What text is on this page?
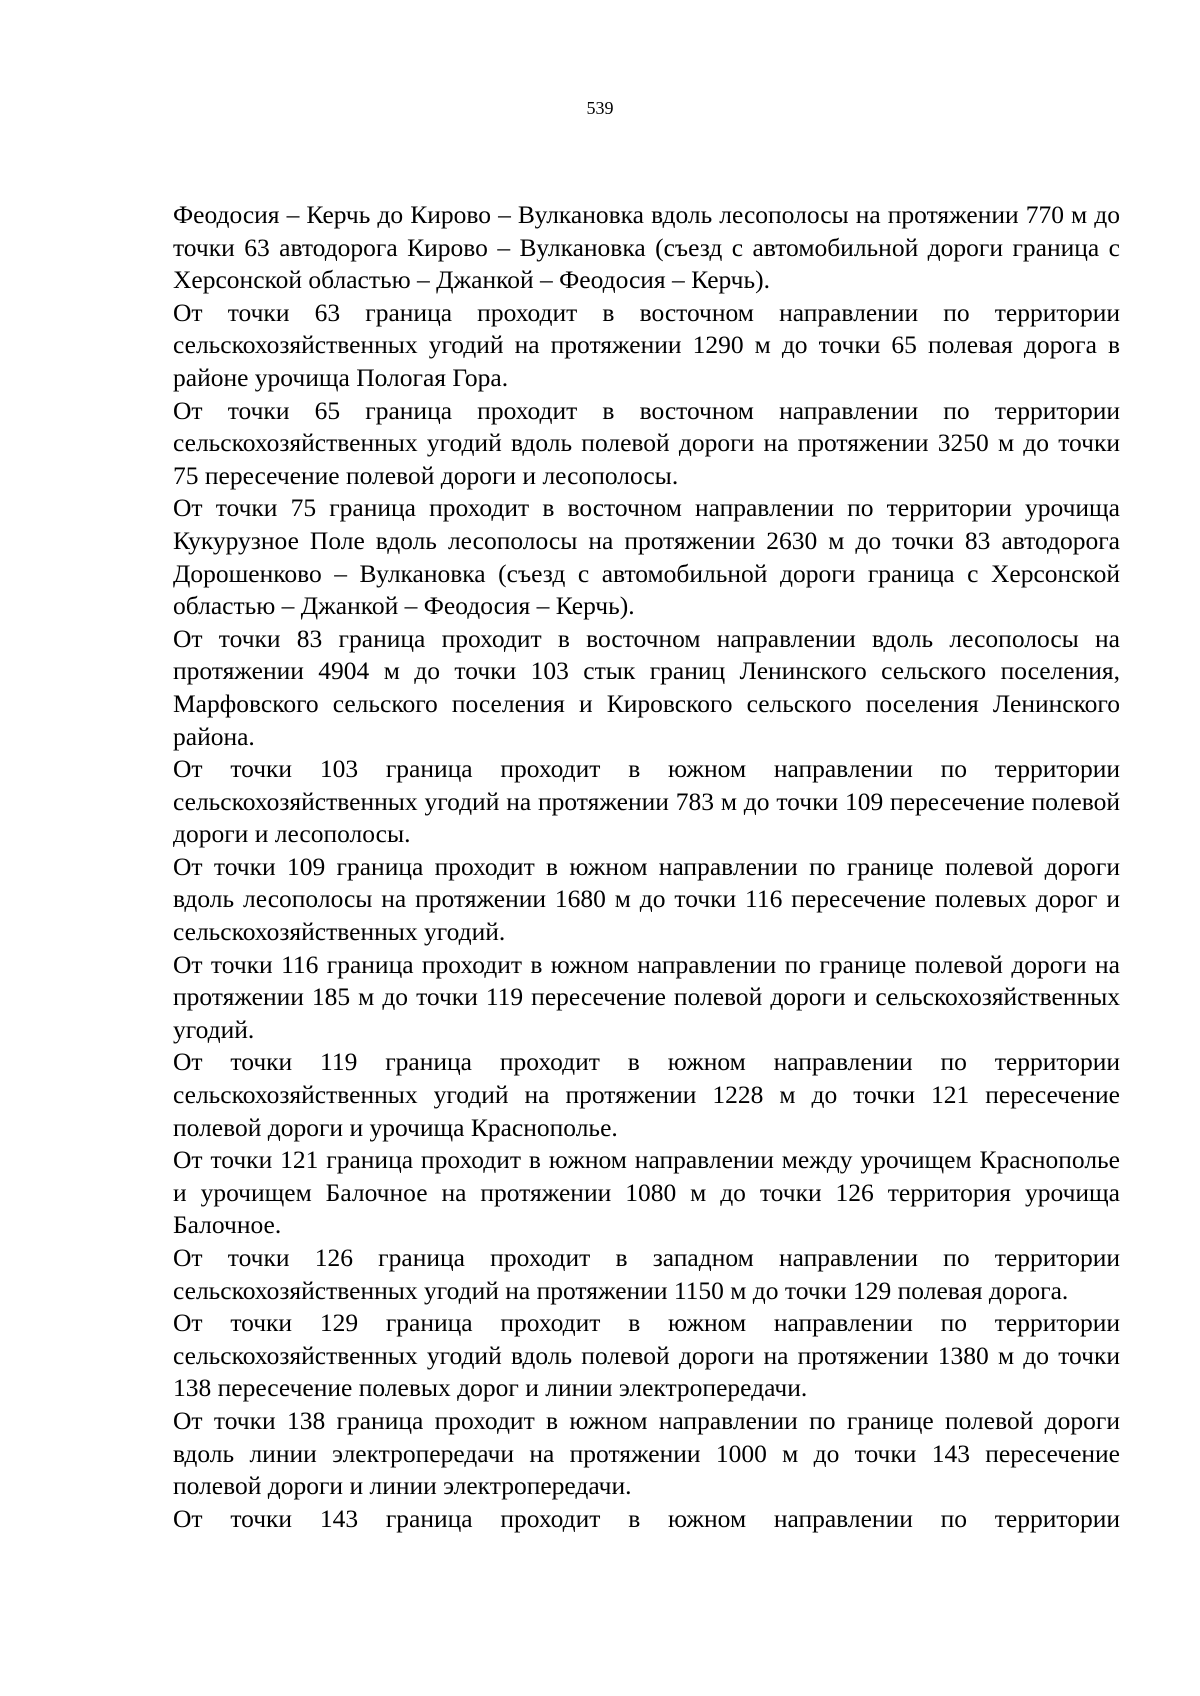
539

Феодосия – Керчь до Кирово – Вулкановка вдоль лесополосы на протяжении 770 м до точки 63 автодорога Кирово – Вулкановка (съезд с автомобильной дороги граница с Херсонской областью – Джанкой – Феодосия – Керчь).

От точки 63 граница проходит в восточном направлении по территории сельскохозяйственных угодий на протяжении 1290 м до точки 65 полевая дорога в районе урочища Пологая Гора.

От точки 65 граница проходит в восточном направлении по территории сельскохозяйственных угодий вдоль полевой дороги на протяжении 3250 м до точки 75 пересечение полевой дороги и лесополосы.

От точки 75 граница проходит в восточном направлении по территории урочища Кукурузное Поле вдоль лесополосы на протяжении 2630 м до точки 83 автодорога Дорошенково – Вулкановка (съезд с автомобильной дороги граница с Херсонской областью – Джанкой – Феодосия – Керчь).

От точки 83 граница проходит в восточном направлении вдоль лесополосы на протяжении 4904 м до точки 103 стык границ Ленинского сельского поселения, Марфовского сельского поселения и Кировского сельского поселения Ленинского района.

От точки 103 граница проходит в южном направлении по территории сельскохозяйственных угодий на протяжении 783 м до точки 109 пересечение полевой дороги и лесополосы.

От точки 109 граница проходит в южном направлении по границе полевой дороги вдоль лесополосы на протяжении 1680 м до точки 116 пересечение полевых дорог и сельскохозяйственных угодий.

От точки 116 граница проходит в южном направлении по границе полевой дороги на протяжении 185 м до точки 119 пересечение полевой дороги и сельскохозяйственных угодий.

От точки 119 граница проходит в южном направлении по территории сельскохозяйственных угодий на протяжении 1228 м до точки 121 пересечение полевой дороги и урочища Краснополье.

От точки 121 граница проходит в южном направлении между урочищем Краснополье и урочищем Балочное на протяжении 1080 м до точки 126 территория урочища Балочное.

От точки 126 граница проходит в западном направлении по территории сельскохозяйственных угодий на протяжении 1150 м до точки 129 полевая дорога.

От точки 129 граница проходит в южном направлении по территории сельскохозяйственных угодий вдоль полевой дороги на протяжении 1380 м до точки 138 пересечение полевых дорог и линии электропередачи.

От точки 138 граница проходит в южном направлении по границе полевой дороги вдоль линии электропередачи на протяжении 1000 м до точки 143 пересечение полевой дороги и линии электропередачи.

От точки 143 граница проходит в южном направлении по территории
